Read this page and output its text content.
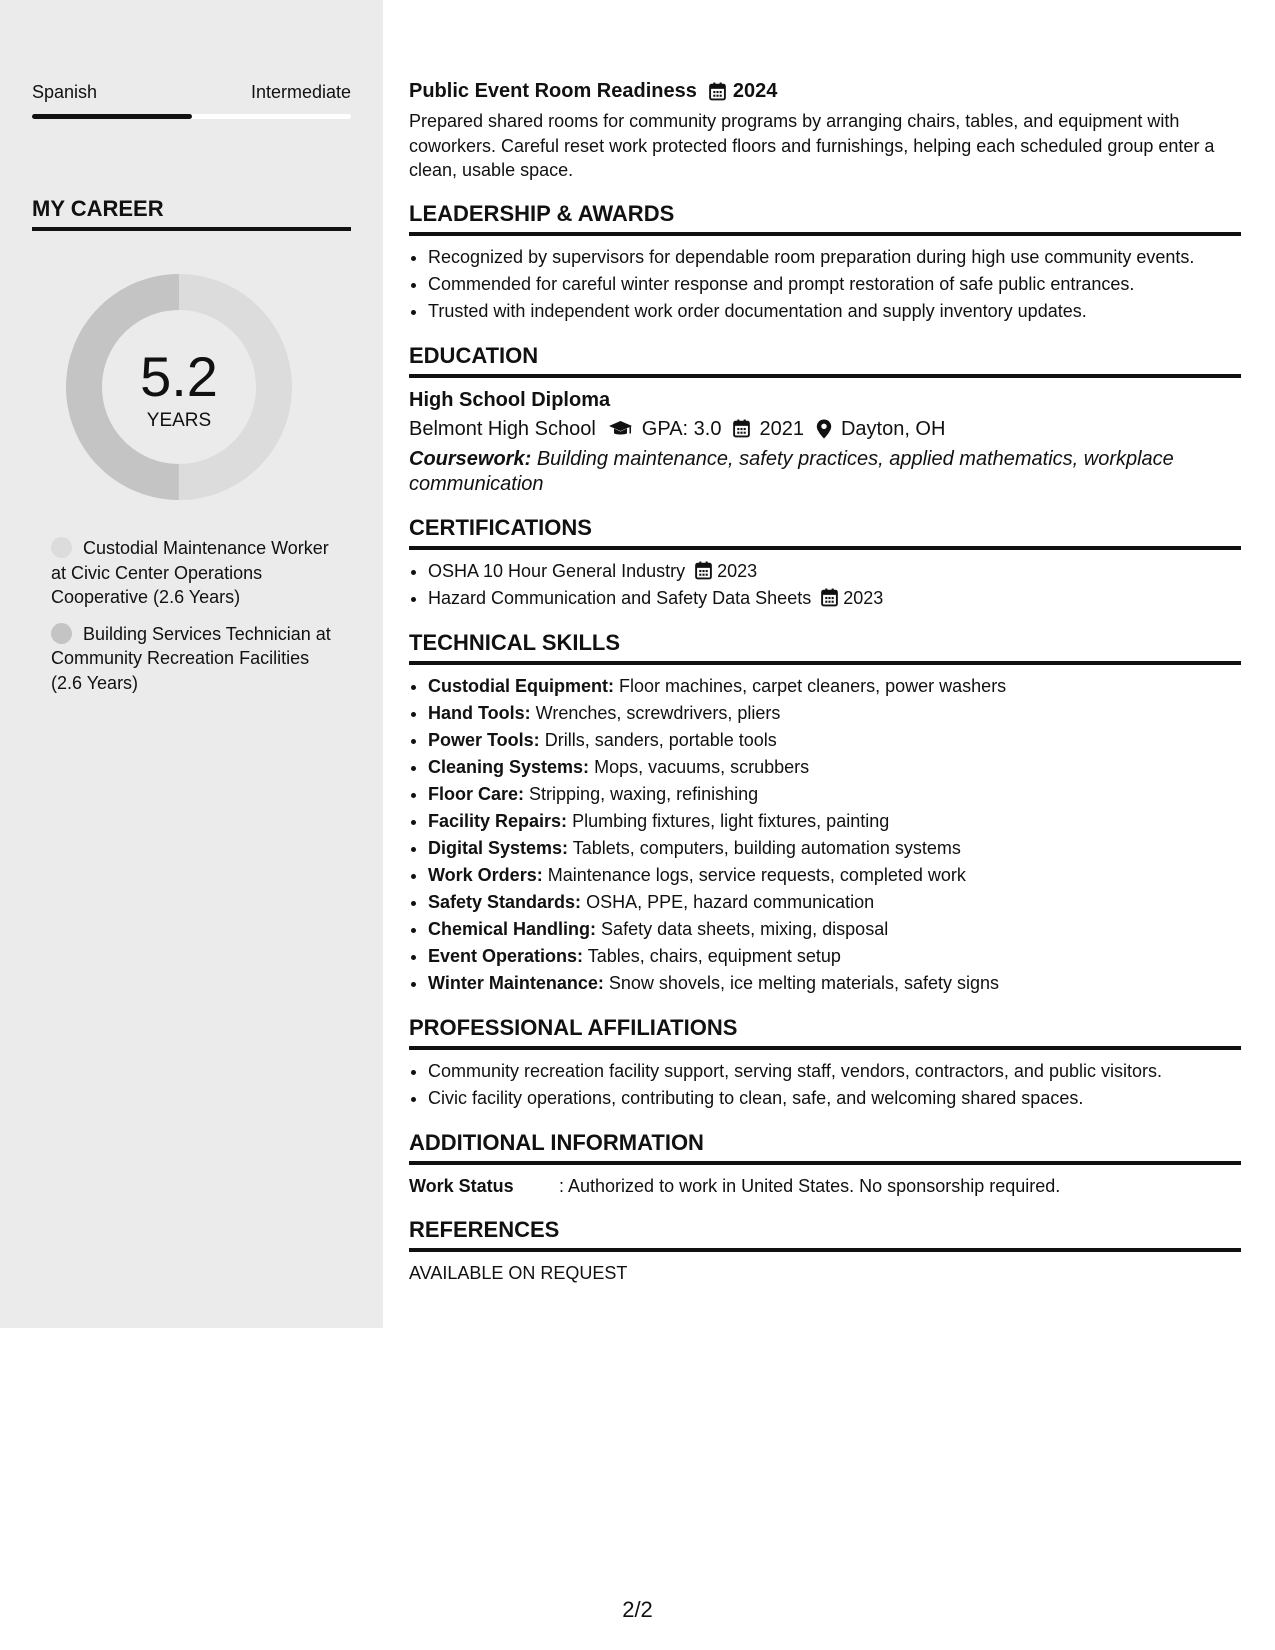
Spanish	Intermediate
MY CAREER
5.2
YEARS
Custodial Maintenance Worker at Civic Center Operations Cooperative (2.6 Years)
Building Services Technician at Community Recreation Facilities (2.6 Years)
Public Event Room Readiness 2024
Prepared shared rooms for community programs by arranging chairs, tables, and equipment with coworkers. Careful reset work protected floors and furnishings, helping each scheduled group enter a clean, usable space.
LEADERSHIP & AWARDS
• Recognized by supervisors for dependable room preparation during high use community events.
• Commended for careful winter response and prompt restoration of safe public entrances.
• Trusted with independent work order documentation and supply inventory updates.
EDUCATION
High School Diploma
Belmont High School GPA: 3.0 2021 Dayton, OH
Coursework: Building maintenance, safety practices, applied mathematics, workplace communication
CERTIFICATIONS
• OSHA 10 Hour General Industry 2023
• Hazard Communication and Safety Data Sheets 2023
TECHNICAL SKILLS
• Custodial Equipment: Floor machines, carpet cleaners, power washers
• Hand Tools: Wrenches, screwdrivers, pliers
• Power Tools: Drills, sanders, portable tools
• Cleaning Systems: Mops, vacuums, scrubbers
• Floor Care: Stripping, waxing, refinishing
• Facility Repairs: Plumbing fixtures, light fixtures, painting
• Digital Systems: Tablets, computers, building automation systems
• Work Orders: Maintenance logs, service requests, completed work
• Safety Standards: OSHA, PPE, hazard communication
• Chemical Handling: Safety data sheets, mixing, disposal
• Event Operations: Tables, chairs, equipment setup
• Winter Maintenance: Snow shovels, ice melting materials, safety signs
PROFESSIONAL AFFILIATIONS
• Community recreation facility support, serving staff, vendors, contractors, and public visitors.
• Civic facility operations, contributing to clean, safe, and welcoming shared spaces.
ADDITIONAL INFORMATION
Work Status	: Authorized to work in United States. No sponsorship required.
REFERENCES
AVAILABLE ON REQUEST
2/2
